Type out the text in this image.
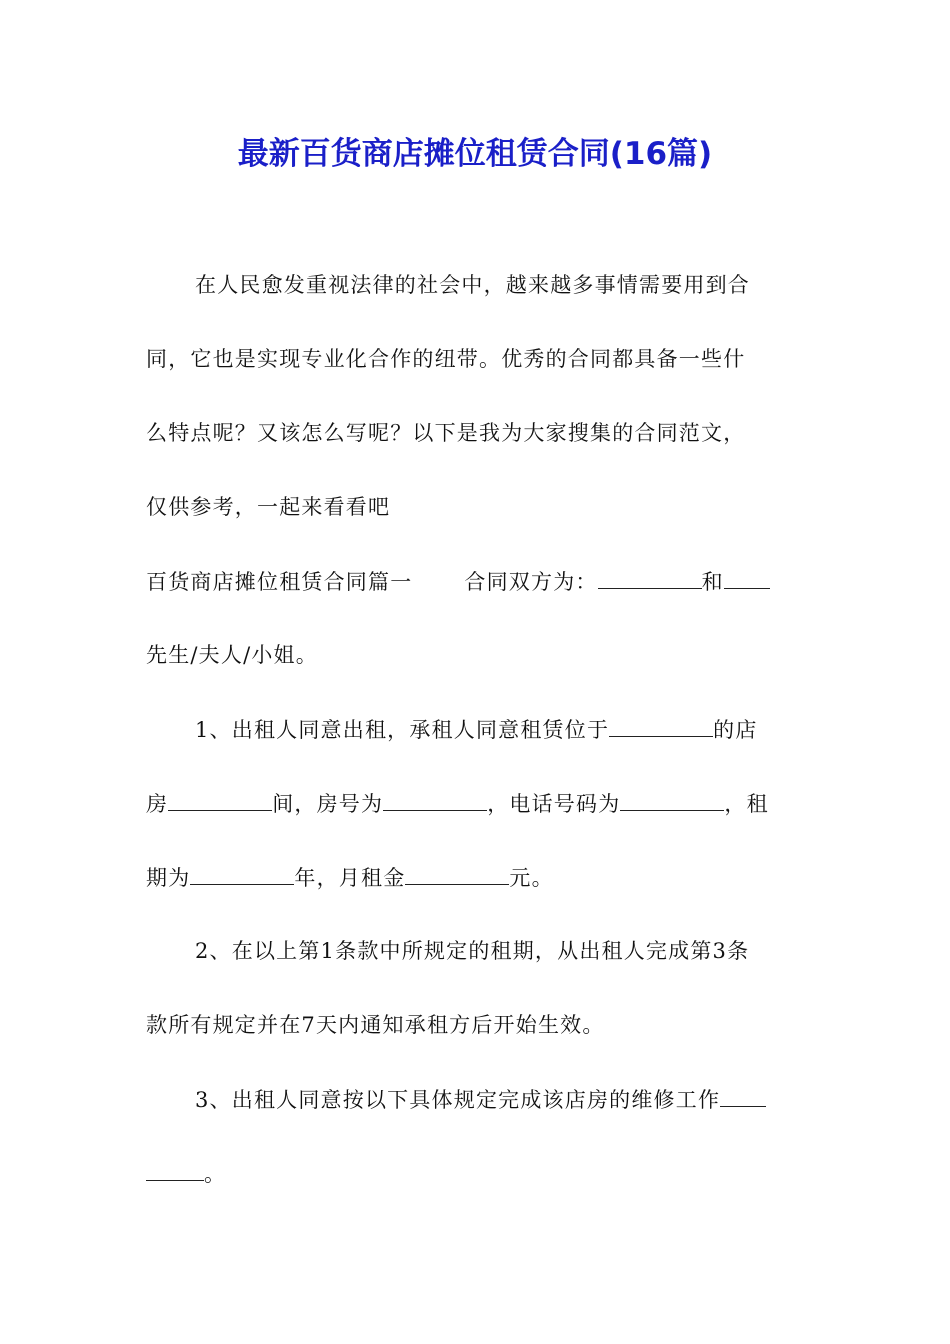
最新百货商店摊位租赁合同(16篇)
在人民愈发重视法律的社会中，越来越多事情需要用到合
同，它也是实现专业化合作的纽带。优秀的合同都具备一些什
么特点呢？又该怎么写呢？以下是我为大家搜集的合同范文，
仅供参考，一起来看看吧
百货商店摊位租赁合同篇一 合同双方为：	和
先生/夫人/小姐。
1、出租人同意出租，承租人同意租赁位于	的店
房	间，房号为	，电话号码为	，租
期为	年，月租金	元。
2、在以上第1条款中所规定的租期，从出租人完成第3条
款所有规定并在7天内通知承租方后开始生效。
3、出租人同意按以下具体规定完成该店房的维修工作
。
